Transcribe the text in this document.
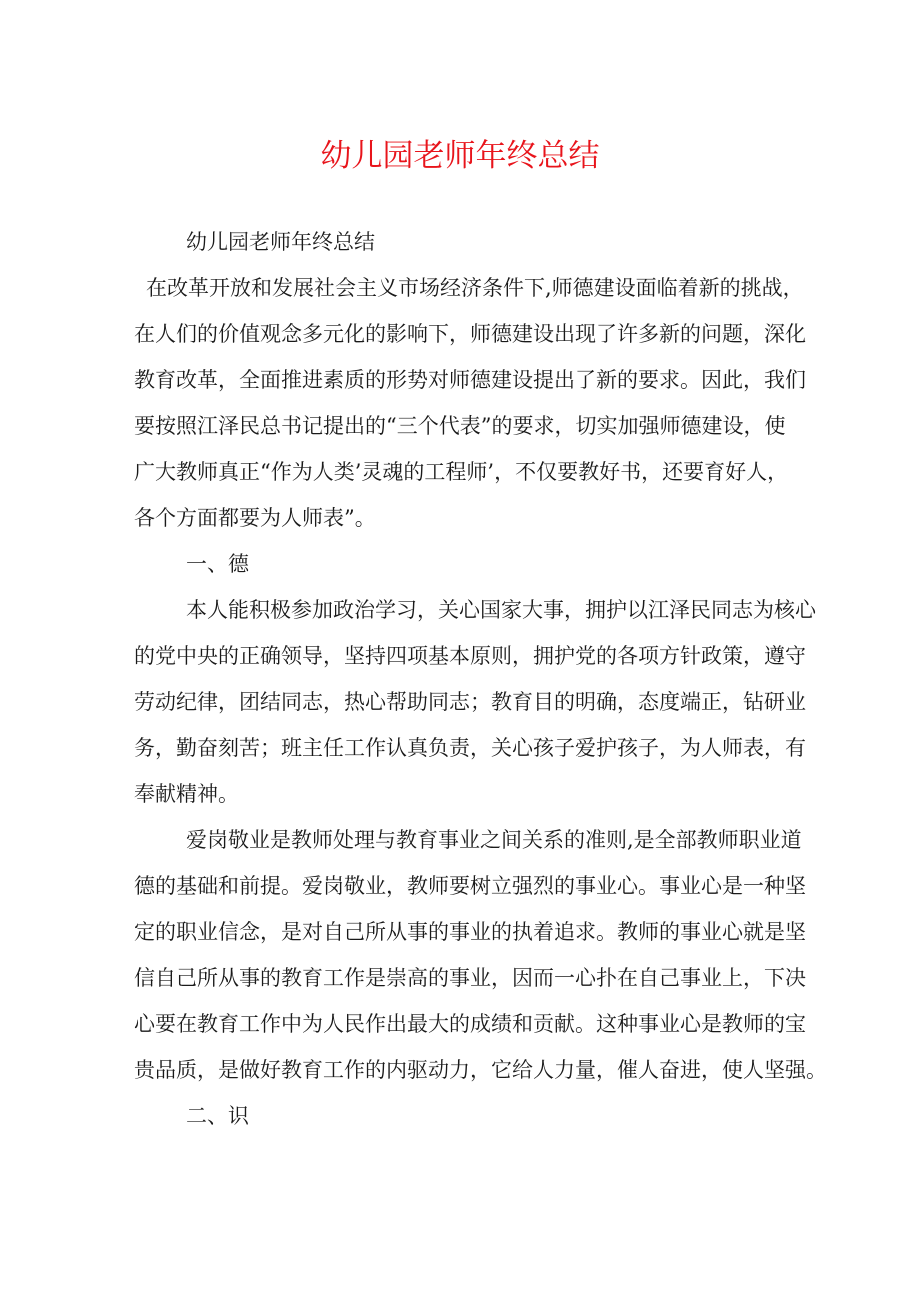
幼儿园老师年终总结
幼儿园老师年终总结
在改革开放和发展社会主义市场经济条件下,师德建设面临着新的挑战，
在人们的价值观念多元化的影响下，师德建设出现了许多新的问题，深化
教育改革，全面推进素质的形势对师德建设提出了新的要求。因此，我们
要按照江泽民总书记提出的“三个代表”的要求，切实加强师德建设，使
广大教师真正“作为人类’灵魂的工程师’，不仅要教好书，还要育好人，
各个方面都要为人师表”。
一、德
本人能积极参加政治学习，关心国家大事，拥护以江泽民同志为核心
的党中央的正确领导，坚持四项基本原则，拥护党的各项方针政策，遵守
劳动纪律，团结同志，热心帮助同志；教育目的明确，态度端正，钻研业
务，勤奋刻苦；班主任工作认真负责，关心孩子爱护孩子，为人师表，有
奉献精神。
爱岗敬业是教师处理与教育事业之间关系的准则,是全部教师职业道
德的基础和前提。爱岗敬业，教师要树立强烈的事业心。事业心是一种坚
定的职业信念，是对自己所从事的事业的执着追求。教师的事业心就是坚
信自己所从事的教育工作是崇高的事业，因而一心扑在自己事业上，下决
心要在教育工作中为人民作出最大的成绩和贡献。这种事业心是教师的宝
贵品质，是做好教育工作的内驱动力，它给人力量，催人奋进，使人坚强。
二、识
